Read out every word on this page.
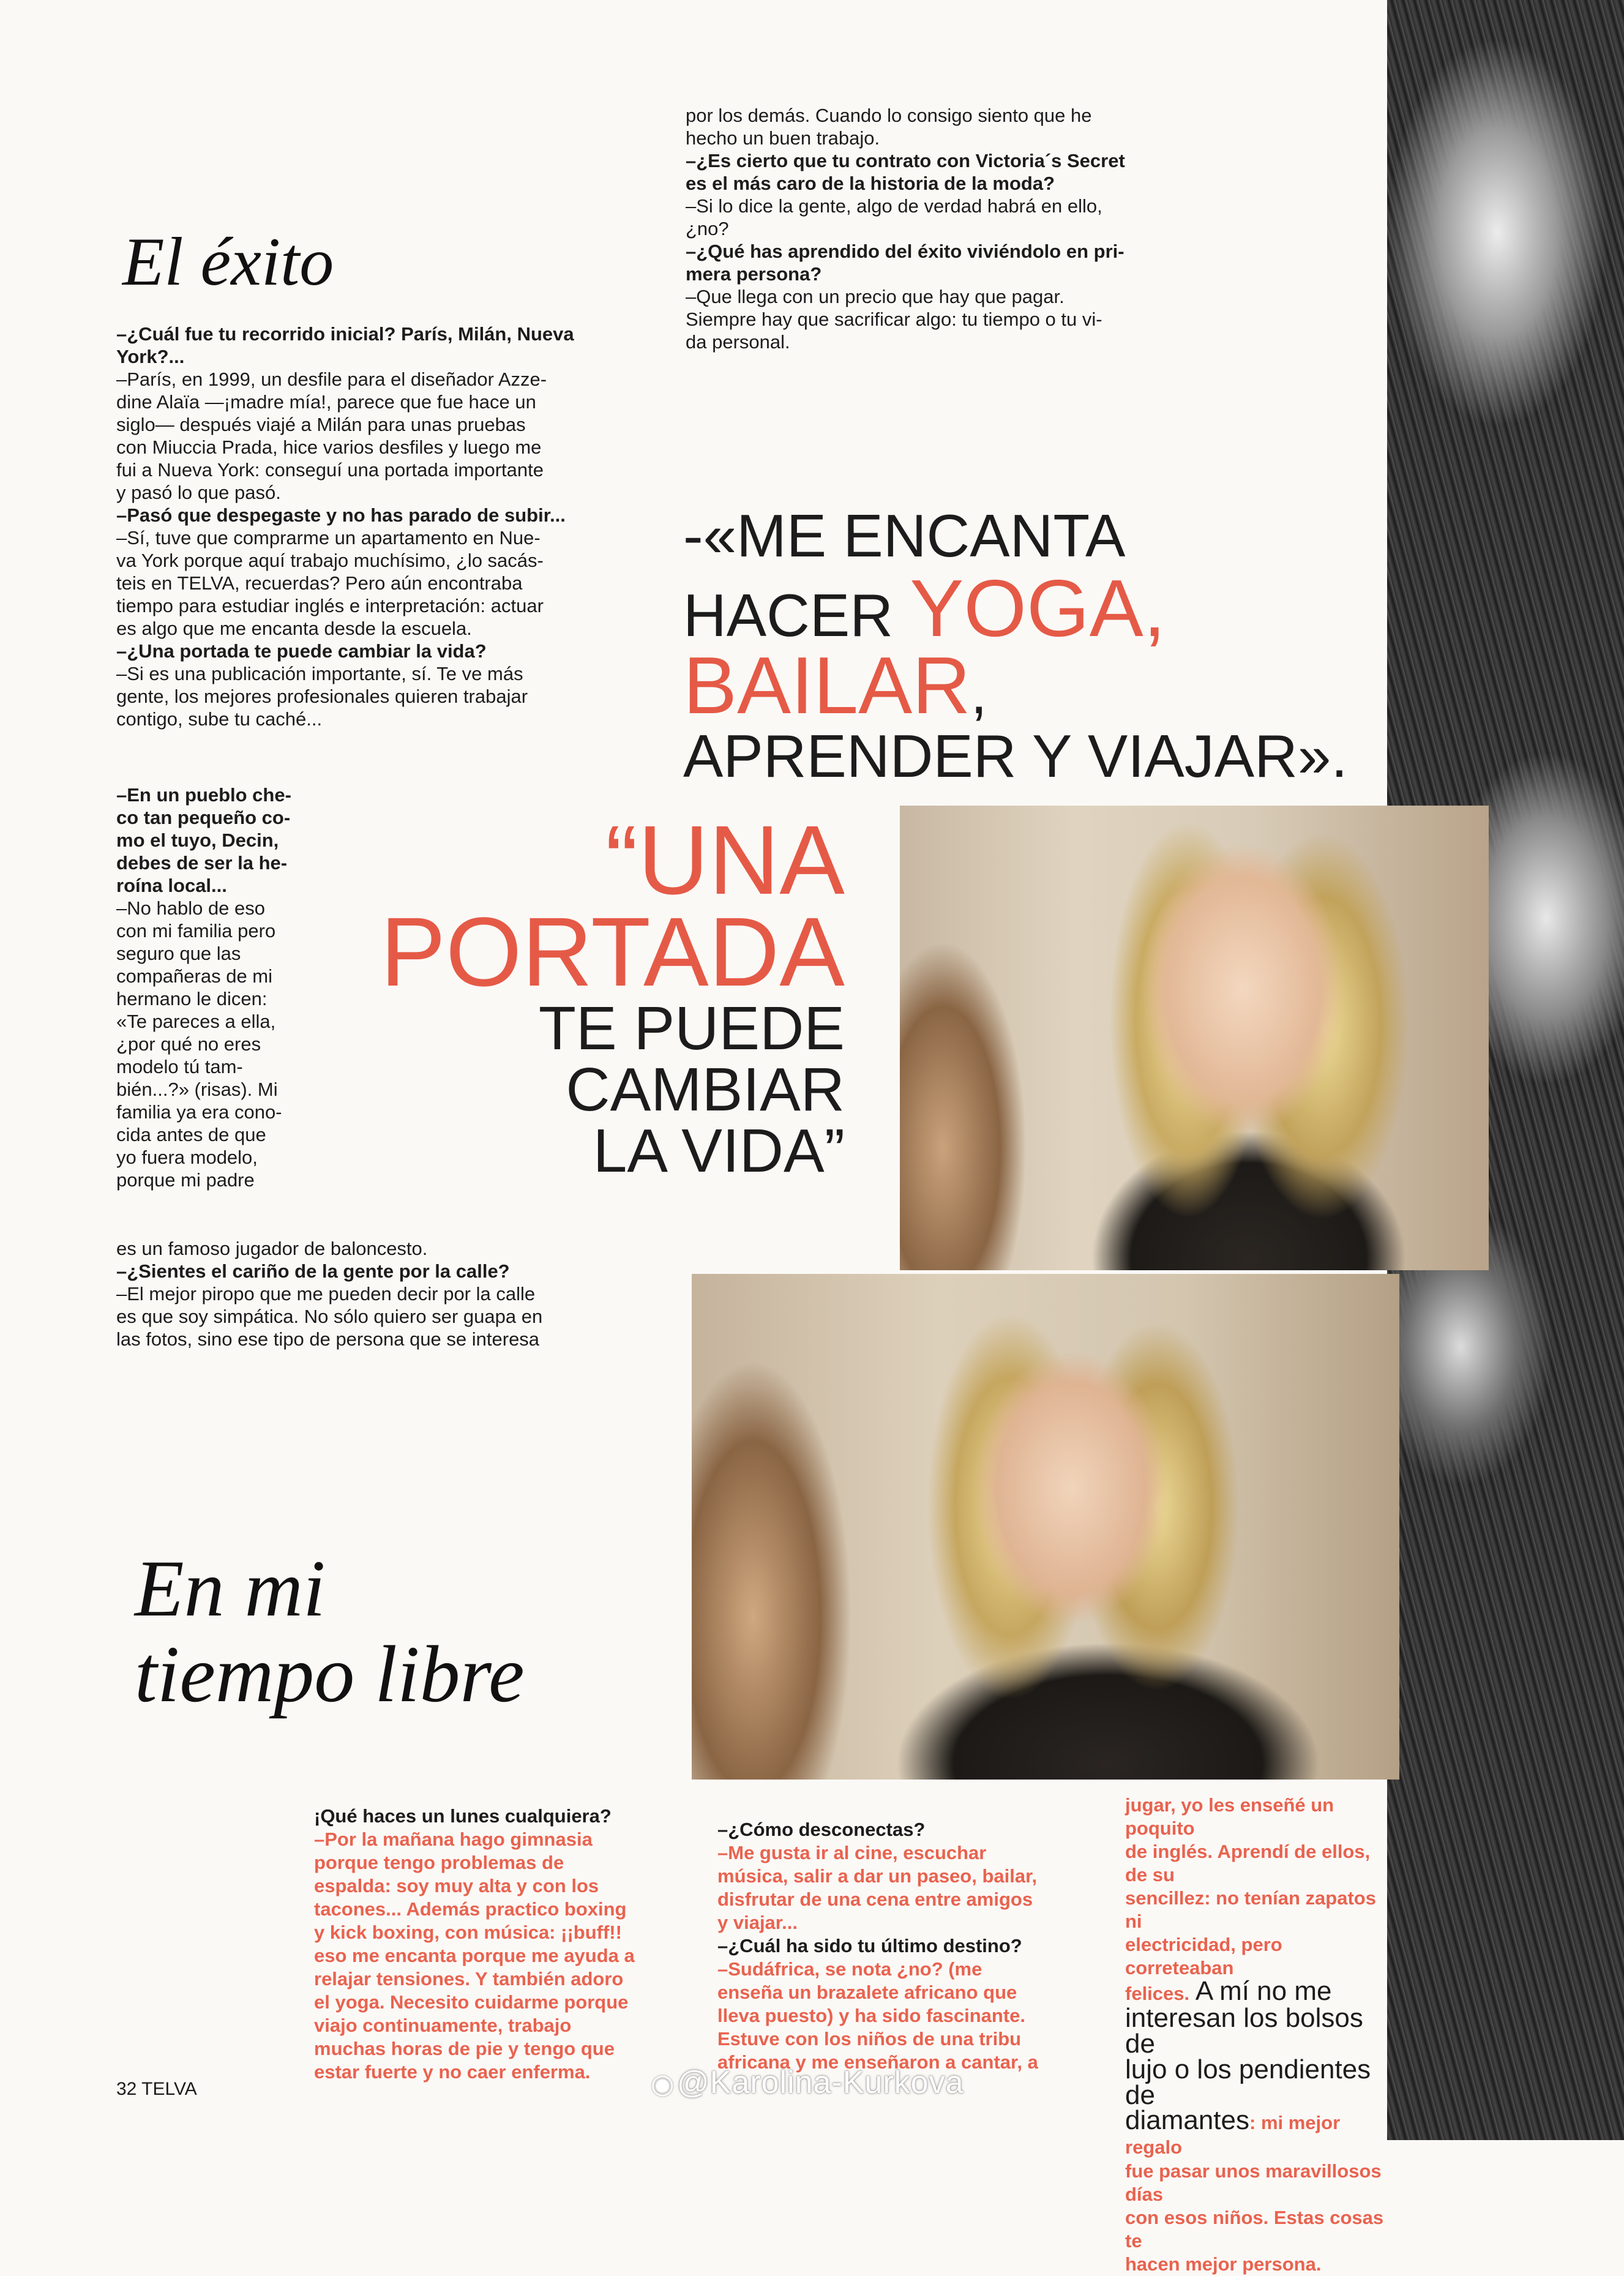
El éxito

–¿Cuál fue tu recorrido inicial? París, Milán, Nueva

York?...

–París, en 1999, un desfile para el diseñador Azze-

dine Alaïa —¡madre mía!, parece que fue hace un

siglo— después viajé a Milán para unas pruebas

con Miuccia Prada, hice varios desfiles y luego me

fui a Nueva York: conseguí una portada importante

y pasó lo que pasó.

–Pasó que despegaste y no has parado de subir...

–Sí, tuve que comprarme un apartamento en Nue-

va York porque aquí trabajo muchísimo, ¿lo sacás-

teis en TELVA, recuerdas? Pero aún encontraba

tiempo para estudiar inglés e interpretación: actuar

es algo que me encanta desde la escuela.

–¿Una portada te puede cambiar la vida?

–Si es una publicación importante, sí. Te ve más

gente, los mejores profesionales quieren trabajar

contigo, sube tu caché...

–En un pueblo che-

co tan pequeño co-

mo el tuyo, Decin,

debes de ser la he-

roína local...

–No hablo de eso

con mi familia pero

seguro que las

compañeras de mi

hermano le dicen:

«Te pareces a ella,

¿por qué no eres

modelo tú tam-

bién...?» (risas). Mi

familia ya era cono-

cida antes de que

yo fuera modelo,

porque mi padre

es un famoso jugador de baloncesto.

–¿Sientes el cariño de la gente por la calle?

–El mejor piropo que me pueden decir por la calle

es que soy simpática. No sólo quiero ser guapa en

las fotos, sino ese tipo de persona que se interesa

por los demás. Cuando lo consigo siento que he

hecho un buen trabajo.

–¿Es cierto que tu contrato con Victoria´s Secret

es el más caro de la historia de la moda?

–Si lo dice la gente, algo de verdad habrá en ello,

¿no?

–¿Qué has aprendido del éxito viviéndolo en pri-

mera persona?

–Que llega con un precio que hay que pagar.

Siempre hay que sacrificar algo: tu tiempo o tu vi-

da personal.

-«ME ENCANTA
HACER YOGA,
BAILAR,
APRENDER Y VIAJAR».
“UNA
PORTADA
TE PUEDE
CAMBIAR
LA VIDA”
En mi
tiempo libre

¡Qué haces un lunes cualquiera?

–Por la mañana hago gimnasia

porque tengo problemas de

espalda: soy muy alta y con los

tacones... Además practico boxing

y kick boxing, con música: ¡¡buff!!

eso me encanta porque me ayuda a

relajar tensiones. Y también adoro

el yoga. Necesito cuidarme porque

viajo continuamente, trabajo

muchas horas de pie y tengo que

estar fuerte y no caer enferma.

–¿Cómo desconectas?

–Me gusta ir al cine, escuchar

música, salir a dar un paseo, bailar,

disfrutar de una cena entre amigos

y viajar...

–¿Cuál ha sido tu último destino?

–Sudáfrica, se nota ¿no? (me

enseña un brazalete africano que

lleva puesto) y ha sido fascinante.

Estuve con los niños de una tribu

africana y me enseñaron a cantar, a

jugar, yo les enseñé un poquito

de inglés. Aprendí de ellos, de su

sencillez: no tenían zapatos ni

electricidad, pero correteaban

felices. A mí no me
interesan los bolsos de
lujo o los pendientes de
diamantes: mi mejor regalo

fue pasar unos maravillosos días

con esos niños. Estas cosas te

hacen mejor persona.

32 TELVA	◉ @Karolina-Kurkova
